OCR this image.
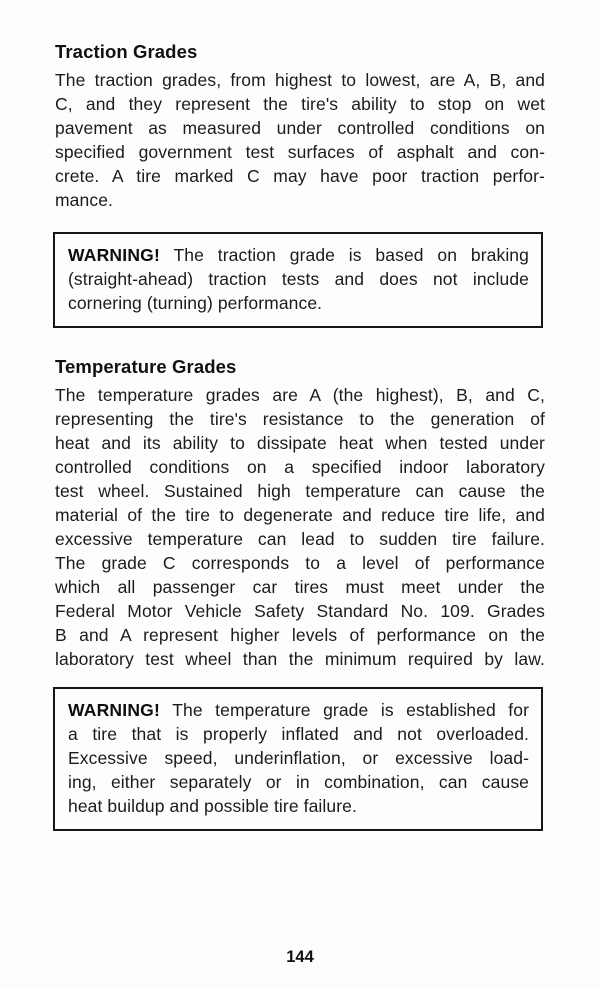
Traction Grades
The traction grades, from highest to lowest, are A, B, and
C, and they represent the tire's ability to stop on wet
pavement as measured under controlled conditions on
specified government test surfaces of asphalt and con-
crete. A tire marked C may have poor traction perfor-
mance.
WARNING! The traction grade is based on braking
(straight-ahead) traction tests and does not include
cornering (turning) performance.
Temperature Grades
The temperature grades are A (the highest), B, and C,
representing the tire's resistance to the generation of
heat and its ability to dissipate heat when tested under
controlled conditions on a specified indoor laboratory
test wheel. Sustained high temperature can cause the
material of the tire to degenerate and reduce tire life, and
excessive temperature can lead to sudden tire failure.
The grade C corresponds to a level of performance
which all passenger car tires must meet under the
Federal Motor Vehicle Safety Standard No. 109. Grades
B and A represent higher levels of performance on the
laboratory test wheel than the minimum required by law.
WARNING! The temperature grade is established for
a tire that is properly inflated and not overloaded.
Excessive speed, underinflation, or excessive load-
ing, either separately or in combination, can cause
heat buildup and possible tire failure.
144
